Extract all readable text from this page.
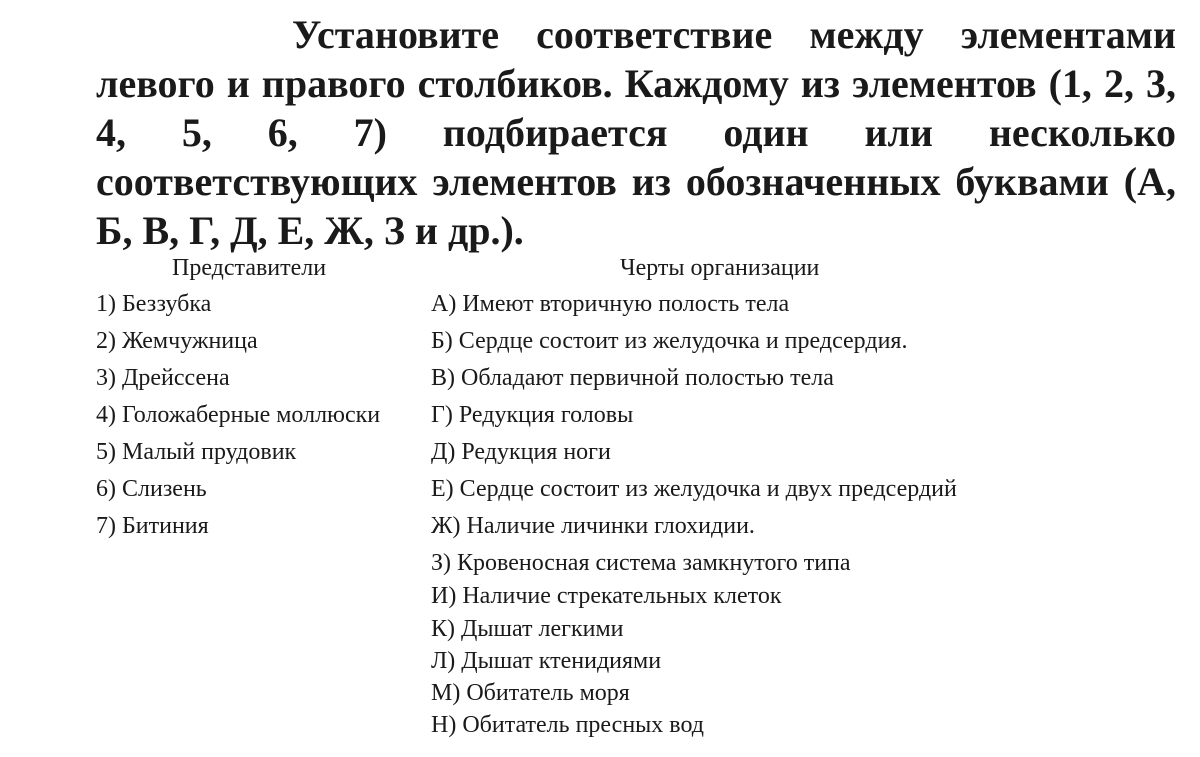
Установите соответствие между элементами левого и правого столбиков. Каждому из элементов (1, 2, 3, 4, 5, 6, 7) подбирается один или несколько соответствующих элементов из обозначенных буквами (А, Б, В, Г, Д, Е, Ж, З и др.).

Представители	Черты организации
1) Беззубка
2) Жемчужница
3) Дрейссена
4) Голожаберные моллюски
5) Малый прудовик
6) Слизень
7) Битиния
А) Имеют вторичную полость тела
Б) Сердце состоит из желудочка и предсердия.
В) Обладают первичной полостью тела
Г) Редукция головы
Д) Редукция ноги
Е) Сердце состоит из желудочка и двух предсердий
Ж) Наличие личинки глохидии.
З) Кровеносная система замкнутого типа
И) Наличие стрекательных клеток
К) Дышат легкими
Л) Дышат ктенидиями
М) Обитатель моря
Н) Обитатель пресных вод
